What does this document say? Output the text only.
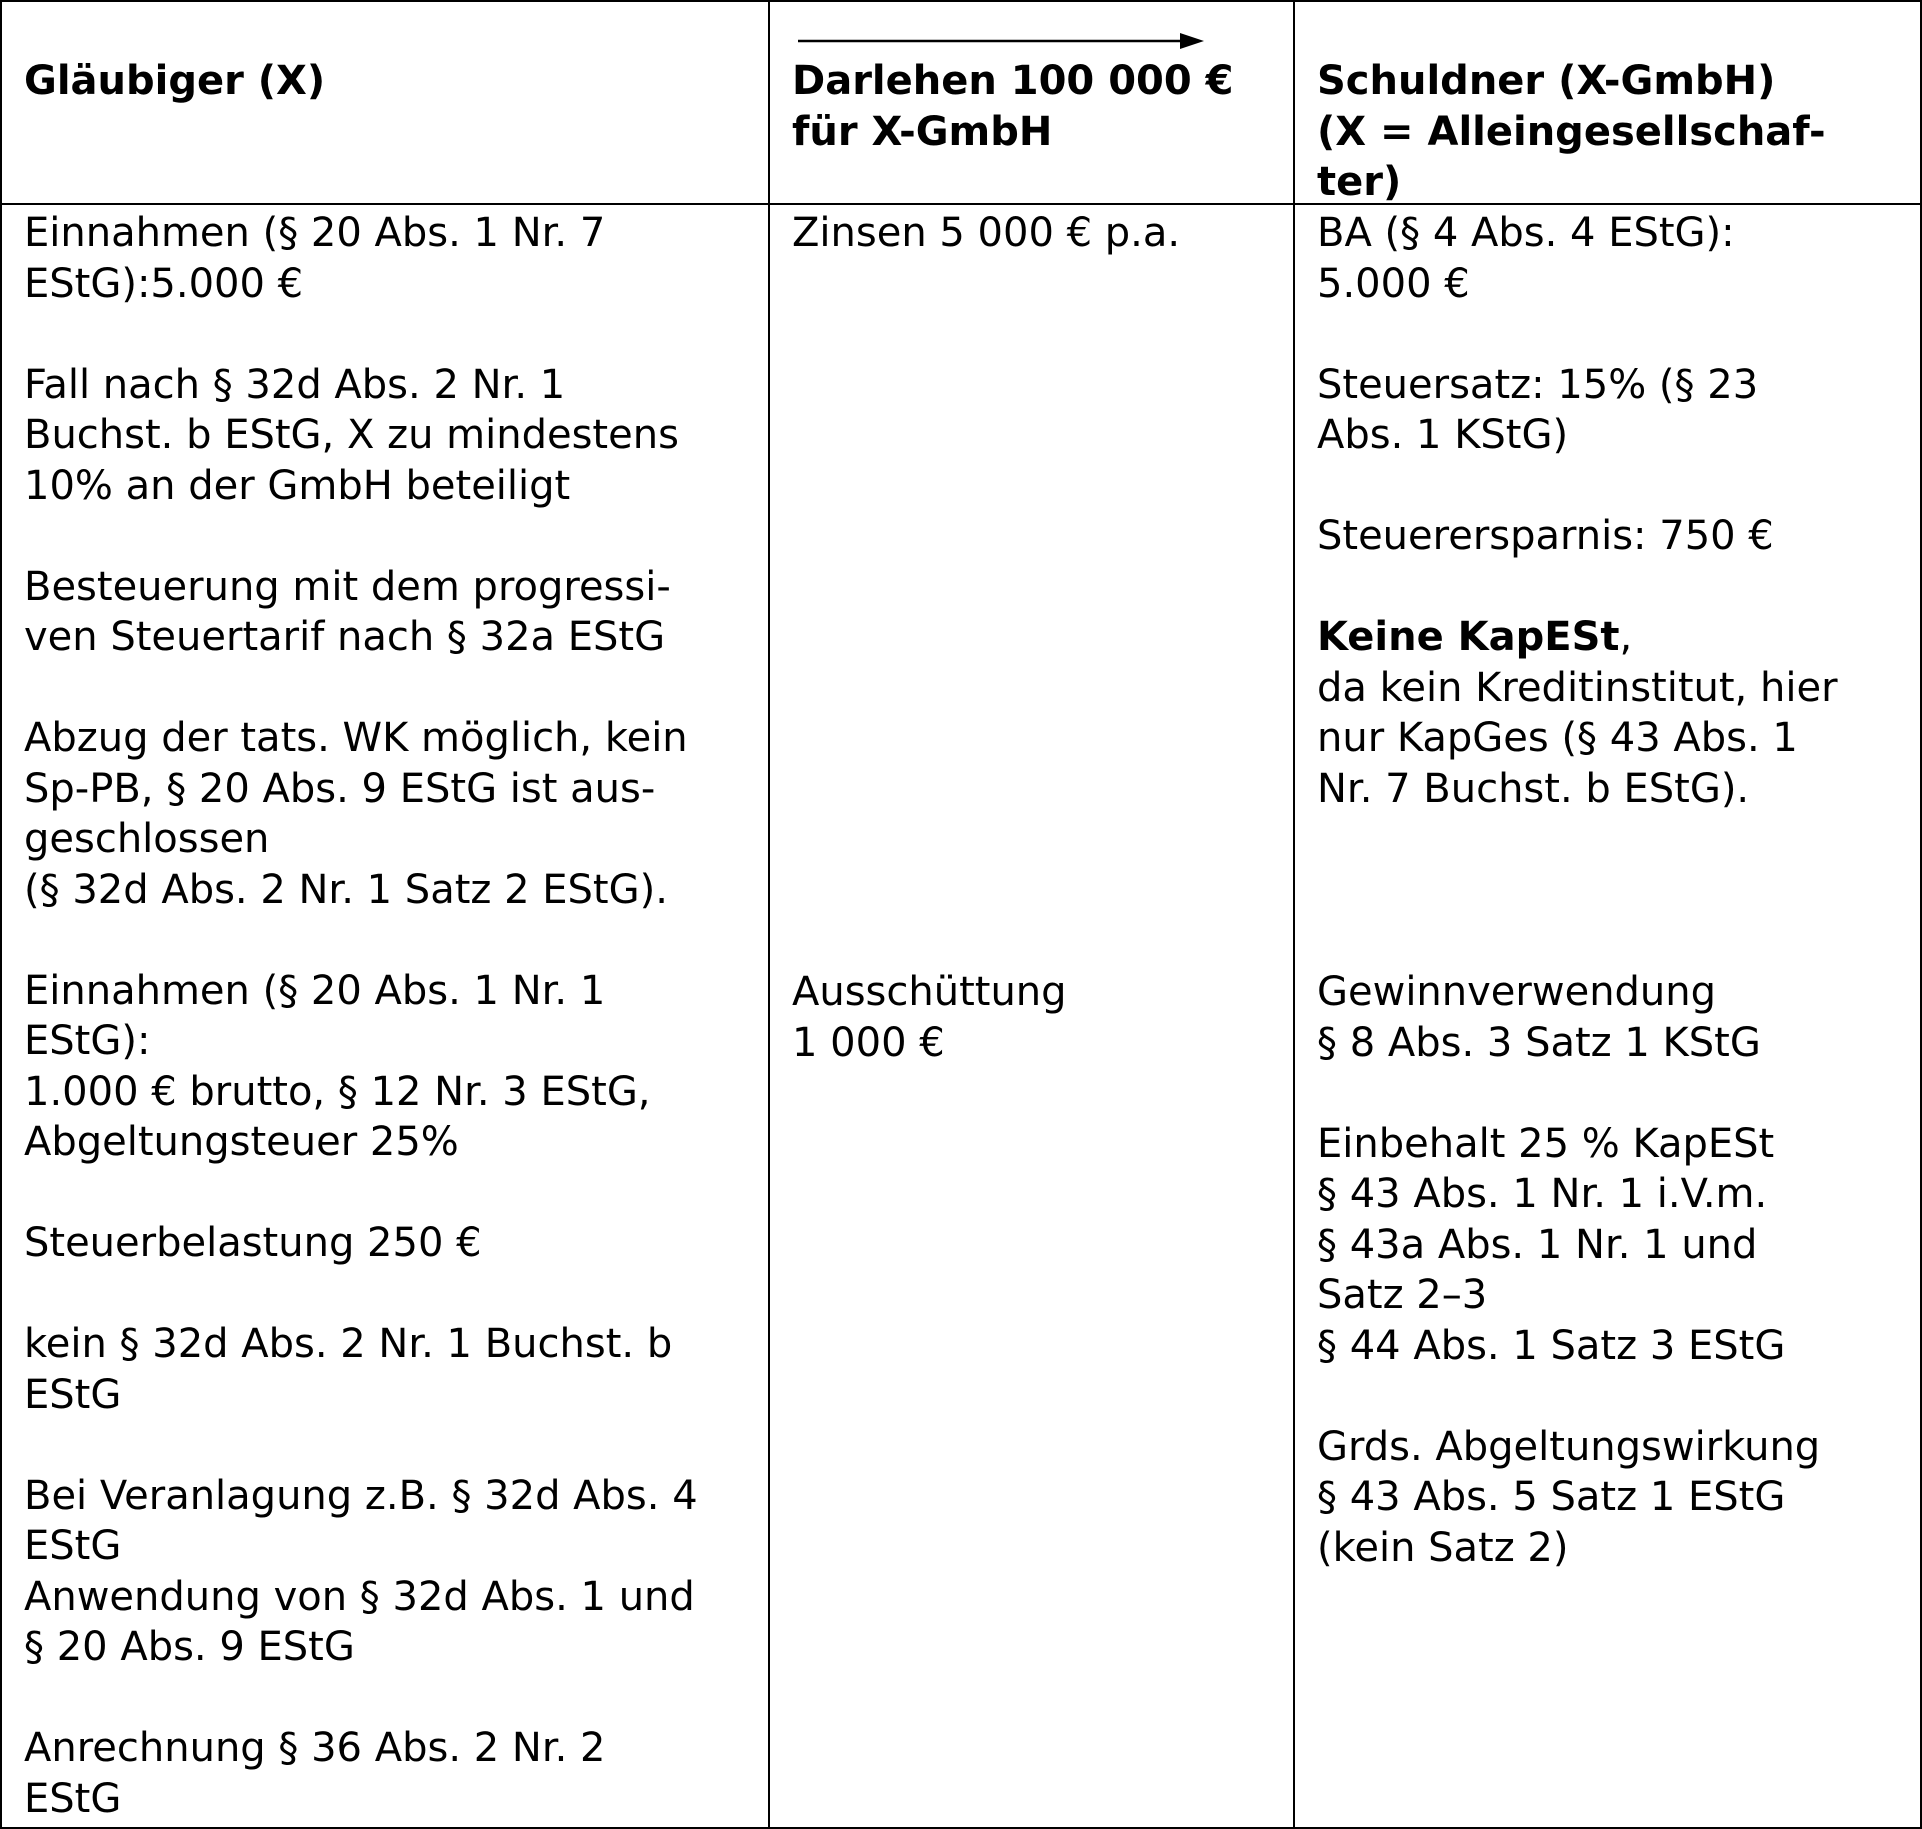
Gläubiger (X)	Darlehen 100 000 €
für X-GmbH
Schuldner (X-GmbH)
(X = Alleingesellschaf-
ter)
Einnahmen (§ 20 Abs. 1 Nr. 7
EStG):5.000 €
Fall nach § 32d Abs. 2 Nr. 1
Buchst. b EStG, X zu mindestens
10% an der GmbH beteiligt
Besteuerung mit dem progressi-
ven Steuertarif nach § 32a EStG
Abzug der tats. WK möglich, kein
Sp-PB, § 20 Abs. 9 EStG ist aus-
geschlossen
(§ 32d Abs. 2 Nr. 1 Satz 2 EStG).
Einnahmen (§ 20 Abs. 1 Nr. 1
EStG):
1.000 € brutto, § 12 Nr. 3 EStG,
Abgeltungsteuer 25%
Steuerbelastung 250 €
kein § 32d Abs. 2 Nr. 1 Buchst. b
EStG
Bei Veranlagung z.B. § 32d Abs. 4
EStG
Anwendung von § 32d Abs. 1 und
§ 20 Abs. 9 EStG
Anrechnung § 36 Abs. 2 Nr. 2
EStG
Zinsen 5 000 € p.a.
Ausschüttung
1 000 €
BA (§ 4 Abs. 4 EStG):
5.000 €
Steuersatz: 15% (§ 23
Abs. 1 KStG)
Steuerersparnis: 750 €
Keine KapESt,
da kein Kreditinstitut, hier
nur KapGes (§ 43 Abs. 1
Nr. 7 Buchst. b EStG).
Gewinnverwendung
§ 8 Abs. 3 Satz 1 KStG
Einbehalt 25 % KapESt
§ 43 Abs. 1 Nr. 1 i.V.m.
§ 43a Abs. 1 Nr. 1 und
Satz 2–3
§ 44 Abs. 1 Satz 3 EStG
Grds. Abgeltungswirkung
§ 43 Abs. 5 Satz 1 EStG
(kein Satz 2)
